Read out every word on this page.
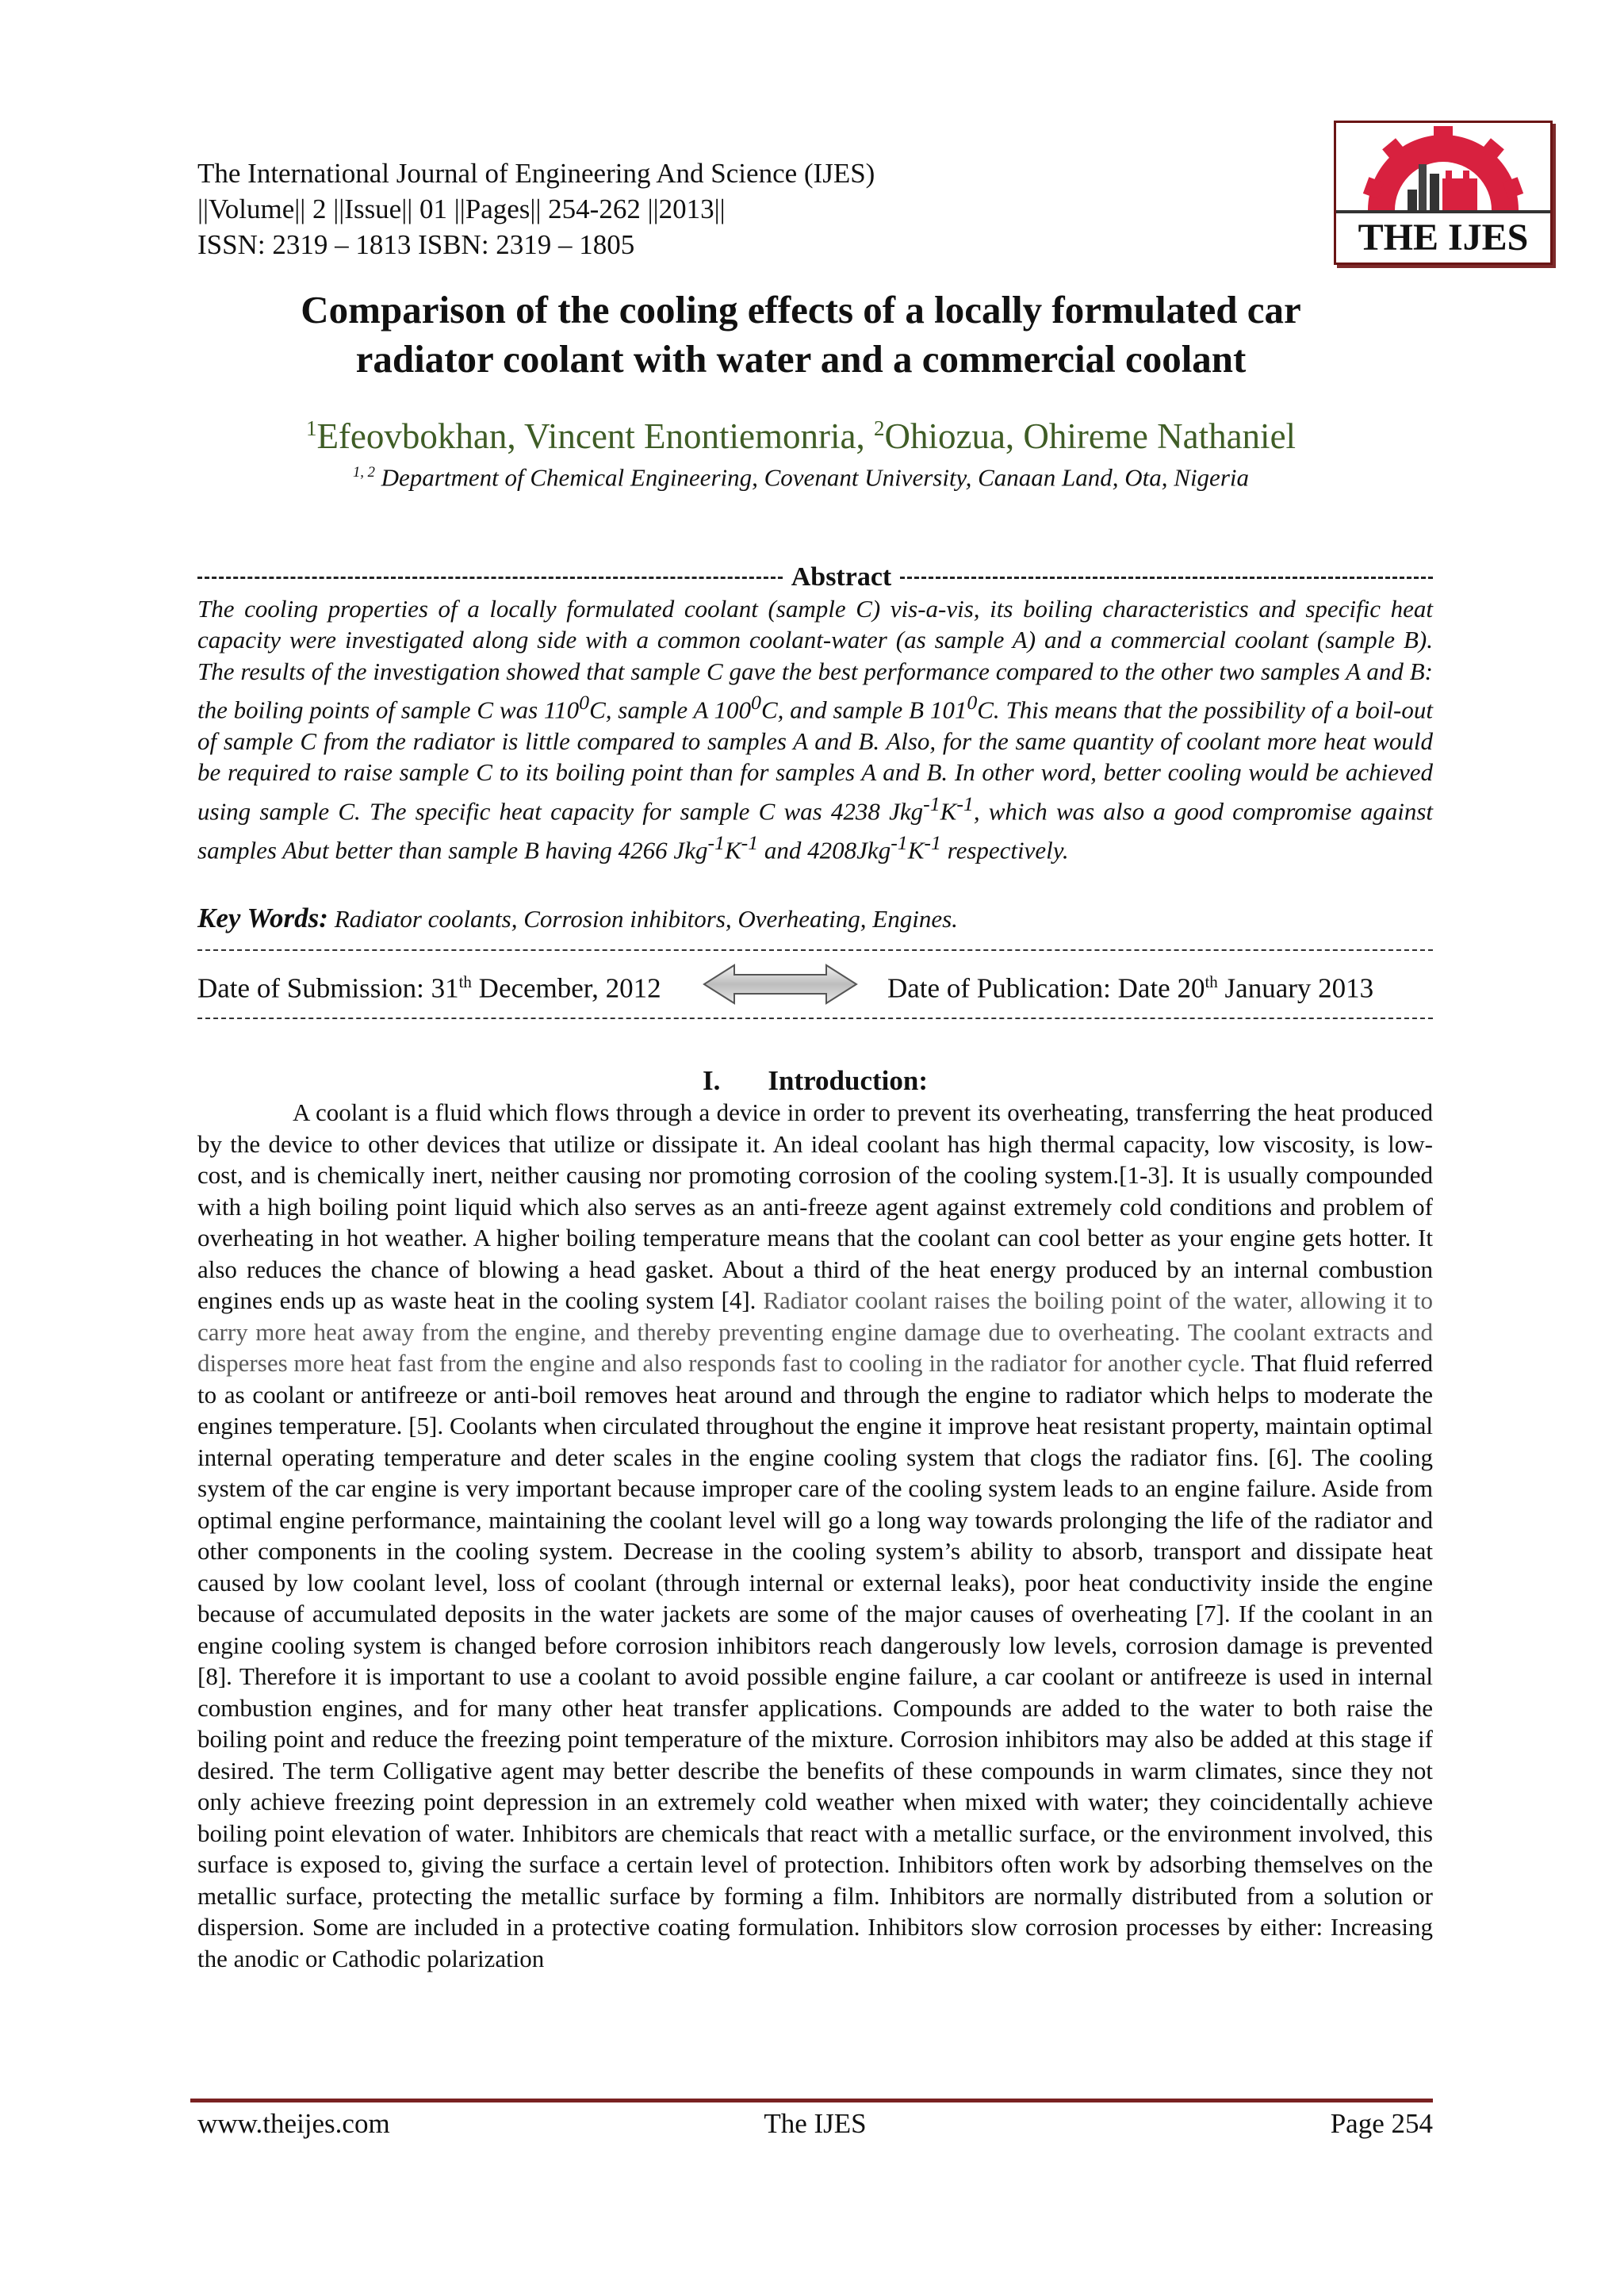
The International Journal of Engineering And Science (IJES)
||Volume|| 2 ||Issue|| 01 ||Pages|| 254-262 ||2013||
ISSN: 2319 – 1813 ISBN: 2319 – 1805	THE IJES
Comparison of the cooling effects of a locally formulated car
radiator coolant with water and a commercial coolant
$^1$Efeovbokhan, Vincent Enontiemonria, $^2$Ohiozua, Ohireme Nathaniel
$^{1, 2}$ Department of Chemical Engineering, Covenant University, Canaan Land, Ota, Nigeria
Abstract
The cooling properties of a locally formulated coolant (sample C) vis-a-vis, its boiling characteristics and specific heat capacity were investigated along side with a common coolant-water (as sample A) and a commercial coolant (sample B). The results of the investigation showed that sample C gave the best performance compared to the other two samples A and B: the boiling points of sample C was $110^0C$, sample A $100^0C$, and sample B $101^0C$. This means that the possibility of a boil-out of sample C from the radiator is little compared to samples A and B. Also, for the same quantity of coolant more heat would be required to raise sample C to its boiling point than for samples A and B. In other word, better cooling would be achieved using sample C. The specific heat capacity for sample C was 4238 $Jkg^{-1}K^{-1}$, which was also a good compromise against samples Abut better than sample B having 4266 $Jkg^{-1}K^{-1}$ and $4208Jkg^{-1}K^{-1}$ respectively.
Key Words: Radiator coolants, Corrosion inhibitors, Overheating, Engines.
Date of Submission: 31th December, 2012	Date of Publication: Date 20th January 2013
I. Introduction:

A coolant is a fluid which flows through a device in order to prevent its overheating, transferring the heat produced by the device to other devices that utilize or dissipate it. An ideal coolant has high thermal capacity, low viscosity, is low-cost, and is chemically inert, neither causing nor promoting corrosion of the cooling system.[1-3]. It is usually compounded with a high boiling point liquid which also serves as an anti-freeze agent against extremely cold conditions and problem of overheating in hot weather. A higher boiling temperature means that the coolant can cool better as your engine gets hotter. It also reduces the chance of blowing a head gasket. About a third of the heat energy produced by an internal combustion engines ends up as waste heat in the cooling system [4]. Radiator coolant raises the boiling point of the water, allowing it to carry more heat away from the engine, and thereby preventing engine damage due to overheating. The coolant extracts and disperses more heat fast from the engine and also responds fast to cooling in the radiator for another cycle. That fluid referred to as coolant or antifreeze or anti-boil removes heat around and through the engine to radiator which helps to moderate the engines temperature. [5]. Coolants when circulated throughout the engine it improve heat resistant property, maintain optimal internal operating temperature and deter scales in the engine cooling system that clogs the radiator fins. [6]. The cooling system of the car engine is very important because improper care of the cooling system leads to an engine failure. Aside from optimal engine performance, maintaining the coolant level will go a long way towards prolonging the life of the radiator and other components in the cooling system. Decrease in the cooling system’s ability to absorb, transport and dissipate heat caused by low coolant level, loss of coolant (through internal or external leaks), poor heat conductivity inside the engine because of accumulated deposits in the water jackets are some of the major causes of overheating [7]. If the coolant in an engine cooling system is changed before corrosion inhibitors reach dangerously low levels, corrosion damage is prevented [8]. Therefore it is important to use a coolant to avoid possible engine failure, a car coolant or antifreeze is used in internal combustion engines, and for many other heat transfer applications. Compounds are added to the water to both raise the boiling point and reduce the freezing point temperature of the mixture. Corrosion inhibitors may also be added at this stage if desired. The term Colligative agent may better describe the benefits of these compounds in warm climates, since they not only achieve freezing point depression in an extremely cold weather when mixed with water; they coincidentally achieve boiling point elevation of water. Inhibitors are chemicals that react with a metallic surface, or the environment involved, this surface is exposed to, giving the surface a certain level of protection. Inhibitors often work by adsorbing themselves on the metallic surface, protecting the metallic surface by forming a film. Inhibitors are normally distributed from a solution or dispersion. Some are included in a protective coating formulation. Inhibitors slow corrosion processes by either: Increasing the anodic or Cathodic polarization

www.theijes.com	The IJES	Page 254
